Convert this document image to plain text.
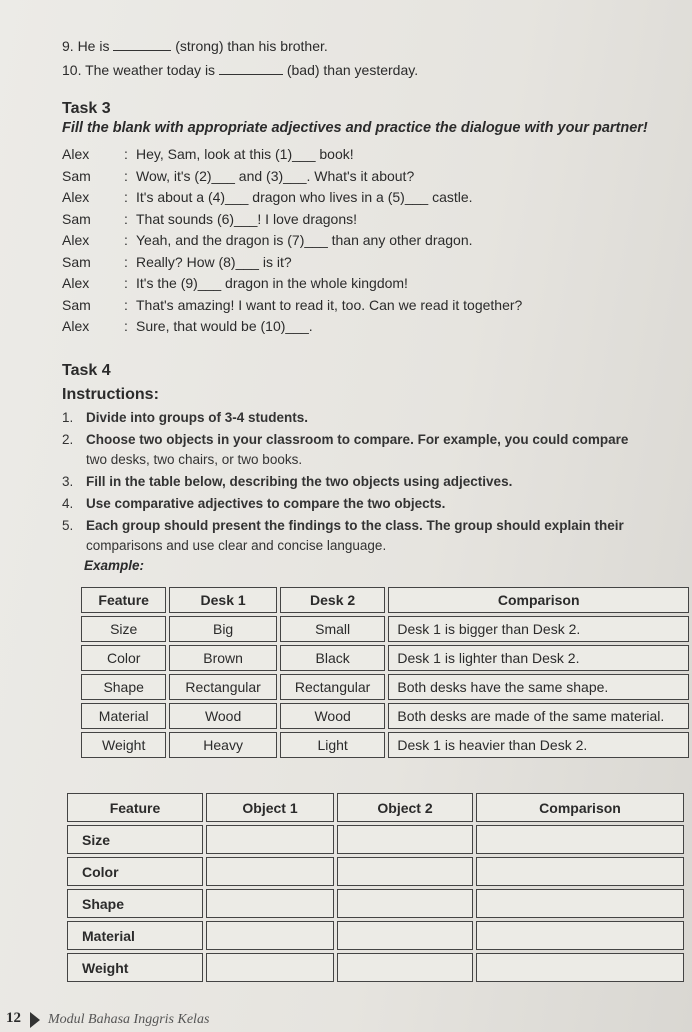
9. He is	(strong) than his brother.
10. The weather today is	(bad) than yesterday.
Task 3
Fill the blank with appropriate adjectives and practice the dialogue with your partner!
Alex : Hey, Sam, look at this (1)___ book!
Sam : Wow, it's (2)___ and (3)___. What's it about?
Alex : It's about a (4)___ dragon who lives in a (5)___ castle.
Sam : That sounds (6)___! I love dragons!
Alex : Yeah, and the dragon is (7)___ than any other dragon.
Sam : Really? How (8)___ is it?
Alex : It's the (9)___ dragon in the whole kingdom!
Sam : That's amazing! I want to read it, too. Can we read it together?
Alex : Sure, that would be (10)___.
Task 4
Instructions:
1. Divide into groups of 3-4 students.
2. Choose two objects in your classroom to compare. For example, you could compare
two desks, two chairs, or two books.
3. Fill in the table below, describing the two objects using adjectives.
4. Use comparative adjectives to compare the two objects.
5. Each group should present the findings to the class. The group should explain their
comparisons and use clear and concise language.
Example:
Feature	Desk 1	Desk 2	Comparison
Size	Big	Small	Desk 1 is bigger than Desk 2.
Color	Brown	Black	Desk 1 is lighter than Desk 2.
Shape	Rectangular	Rectangular	Both desks have the same shape.
Material	Wood	Wood	Both desks are made of the same material.
Weight	Heavy	Light	Desk 1 is heavier than Desk 2.
Feature	Object 1	Object 2	Comparison
Size			
Color			
Shape			
Material			
Weight			
12 Modul Bahasa Inggris Kelas
